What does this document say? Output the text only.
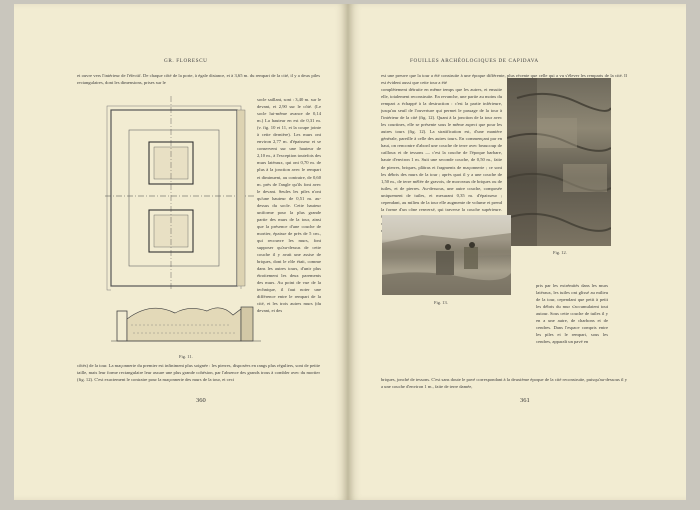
GR. FLORESCU
et ouvre vers l'intérieur de l'éfectif. De chaque côté de la porte, à égale distance, et à 3,65 m. du rempart de la cité, il y a deux piles rectangulaires, dont les dimensions, prises sur le
Fig. 11.
socle saillant, sont : 3,40 m. sur le devant, et 2,90 sur le côté. (Le socle lui-même avance de 0,14 m.) La hauteur en est de 0,31 m. (v. fig. 10 et 11, et la coupe jointe à cette dernière). Les murs ont environ 2,77 m. d'épaisseur et se conservent sur une hauteur de 2,10 m., à l'exception toutefois des murs latéraux, qui ont 0,70 m. de plus à la jonction avec le rempart et diminuent, au contraire, de 0,60 m. près de l'angle qu'ils font avec le devant. Seules les piles n'ont qu'une hauteur de 0,51 m. au-dessus du socle. Cette hauteur uniforme pour la plus grande partie des murs de la tour, ainsi que la présence d'une couche de mortier, épaisse de près de 5 cm., qui recouvre les murs, font supposer qu'au-dessus de cette couche il y avait une assise de briques, dont le rôle était, comme dans les autres tours, d'unir plus étroitement les deux parements des murs. Au point de vue de la technique, il faut noter une différence entre le rempart de la cité, et les trois autres murs (du devant, et des
côtés) de la tour. La maçonnerie du premier est infiniment plus soignée : les pierres, disposées en rangs plus réguliers, sont de petite taille, mais leur forme rectangulaire leur assure une plus grande cohésion, par l'absence des grands trous à combler avec du mortier (fig. 12). C'est exactement le contraire pour la maçonnerie des murs de la tour, et ceci
360
FOUILLES ARCHÉOLOGIQUES DE CAPIDAVA
est une preuve que la tour a été construite à une époque différente, plus récente que celle qui a vu s'élever les remparts de la cité. Il est évident aussi que cette tour a été
complètement détruite en même temps que les autres, et ensuite elle, totalement reconstruite. En revanche, une partie au moins du rempart a échappé à la destruction : c'est la partie inférieure, jusqu'au seuil de l'ouverture qui permet le passage de la tour à l'intérieur de la cité (fig. 12). Quant à la jonction de la tour avec les courtines, elle se présente sous le même aspect que pour les autres tours (fig. 12). La stratification est, d'une manière générale, pareille à celle des autres tours. En commençant par en haut, on rencontre d'abord une couche de terre avec beaucoup de cailloux et de tessons — c'est la couche de l'époque barbare, haute d'environ 1 m. Suit une seconde couche, de 0,50 m., faite de pierres, briques, plâtras et fragments de maçonnerie ; ce sont les débris des murs de la tour ; après quoi il y a une couche de 1,50 m., de terre mêlée de gravois, de morceaux de briques ou de tuiles, et de pierres. Au-dessous, une autre couche, composée uniquement de tuiles, et mesurant 0,35 m. d'épaisseur ; cependant, au milieu de la tour elle augmente de volume et prend la forme d'un cône renversé, qui traverse la couche supérieure.
Fig. 12.
Fig. 13.
pris par les extrémités dans les murs latéraux, les tuiles ont glissé au milieu de la tour, cependant que petit à petit les débris du mur s'accumulaient tout autour. Sous cette couche de tuiles il y en a une autre, de charbons et de cendres. Dans l'espace compris entre les piles et le rempart, sous les cendres, apparaît un pavé en
briques, jonché de tessons. C'est sans doute le pavé correspondant à la deuxième époque de la cité reconstruite, puisqu'au-dessous il y a une couche d'environ 1 m., faite de terre damée,
361
